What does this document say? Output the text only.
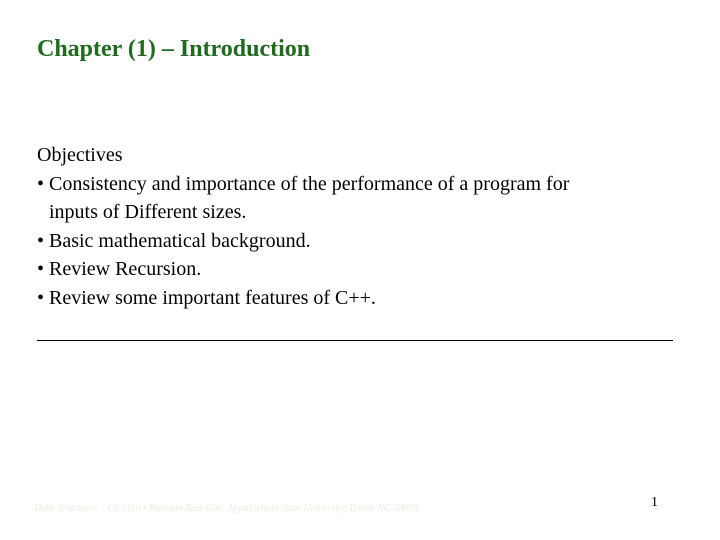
Chapter (1) – Introduction
Objectives
• Consistency and importance of the performance of a program for
inputs of Different sizes.
• Basic mathematical background.
• Review Recursion.
• Review some important features of C++.
Data Structures – CS 2110 • Rahman Baik Kim, Appalachian State University, Boone NC 28608	1
